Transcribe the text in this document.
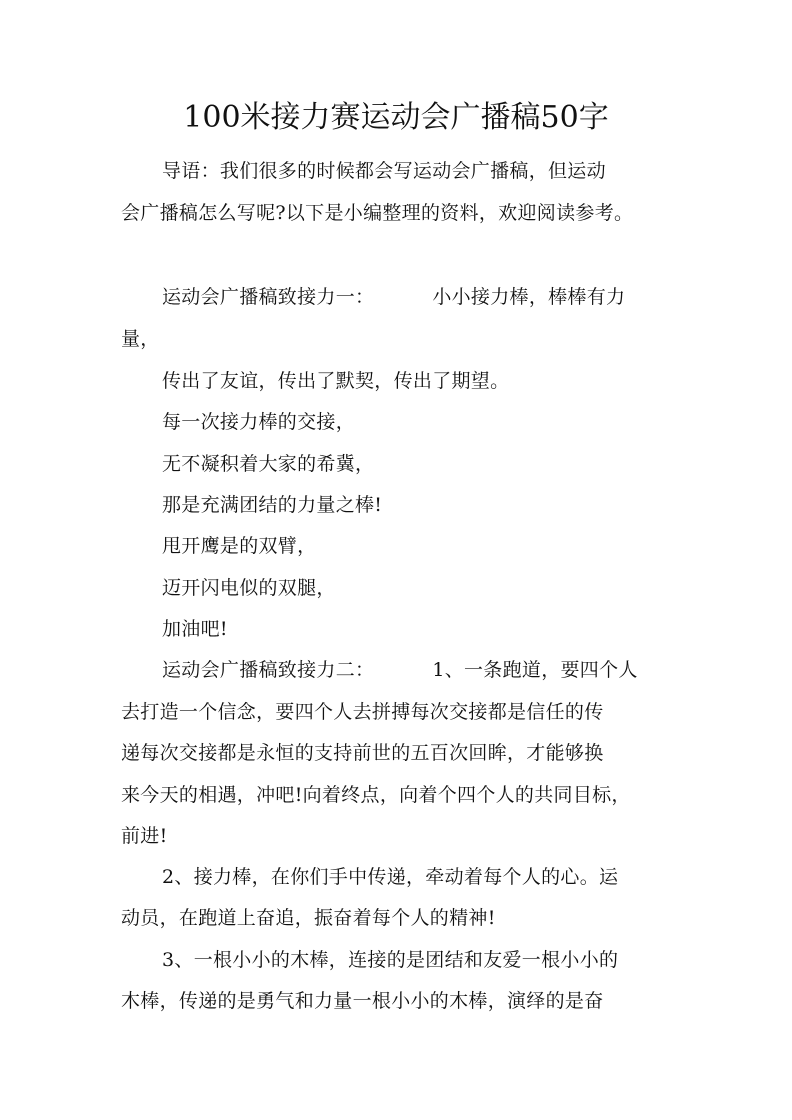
100米接力赛运动会广播稿50字
导语：我们很多的时候都会写运动会广播稿，但运动
会广播稿怎么写呢?以下是小编整理的资料，欢迎阅读参考。
运动会广播稿致接力一：	小小接力棒，棒棒有力
量，
传出了友谊，传出了默契，传出了期望。
每一次接力棒的交接，
无不凝积着大家的希冀，
那是充满团结的力量之棒!
甩开鹰是的双臂，
迈开闪电似的双腿，
加油吧!
运动会广播稿致接力二：	1、一条跑道，要四个人
去打造一个信念，要四个人去拼搏每次交接都是信任的传
递每次交接都是永恒的支持前世的五百次回眸，才能够换
来今天的相遇，冲吧!向着终点，向着个四个人的共同目标，
前进!
2、接力棒，在你们手中传递，牵动着每个人的心。运
动员，在跑道上奋追，振奋着每个人的精神!
3、一根小小的木棒，连接的是团结和友爱一根小小的
木棒，传递的是勇气和力量一根小小的木棒，演绎的是奋
